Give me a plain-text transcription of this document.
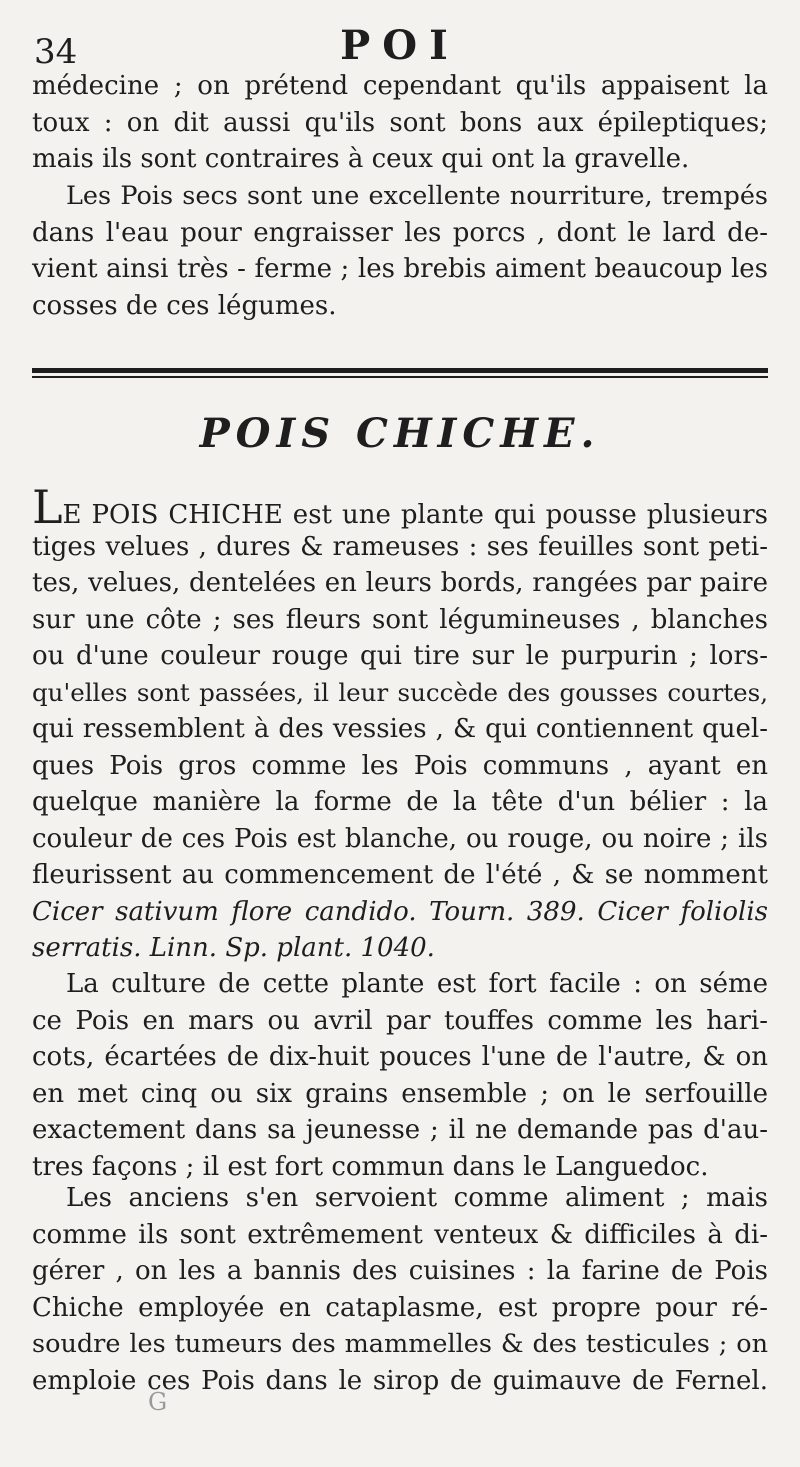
34	POI

médecine ; on prétend cependant qu'ils appaisent la
toux : on dit aussi qu'ils sont bons aux épileptiques;
mais ils sont contraires à ceux qui ont la gravelle.

Les Pois secs sont une excellente nourriture, trempés
dans l'eau pour engraisser les porcs , dont le lard de-
vient ainsi très - ferme ; les brebis aiment beaucoup les
cosses de ces légumes.

POIS CHICHE.

LE POIS CHICHE est une plante qui pousse plusieurs
tiges velues , dures & rameuses : ses feuilles sont peti-
tes, velues, dentelées en leurs bords, rangées par paire
sur une côte ; ses fleurs sont légumineuses , blanches
ou d'une couleur rouge qui tire sur le purpurin ; lors-
qu'elles sont passées, il leur succède des gousses courtes,
qui ressemblent à des vessies , & qui contiennent quel-
ques Pois gros comme les Pois communs , ayant en
quelque manière la forme de la tête d'un bélier : la
couleur de ces Pois est blanche, ou rouge, ou noire ; ils
fleurissent au commencement de l'été , & se nomment
Cicer sativum flore candido. Tourn. 389. Cicer foliolis
serratis. Linn. Sp. plant. 1040.

La culture de cette plante est fort facile : on séme
ce Pois en mars ou avril par touffes comme les hari-
cots, écartées de dix-huit pouces l'une de l'autre, & on
en met cinq ou six grains ensemble ; on le serfouille
exactement dans sa jeunesse ; il ne demande pas d'au-
tres façons ; il est fort commun dans le Languedoc.

Les anciens s'en servoient comme aliment ; mais
comme ils sont extrêmement venteux & difficiles à di-
gérer , on les a bannis des cuisines : la farine de Pois
Chiche employée en cataplasme, est propre pour ré-
soudre les tumeurs des mammelles & des testicules ; on
emploie ces Pois dans le sirop de guimauve de Fernel.

G
